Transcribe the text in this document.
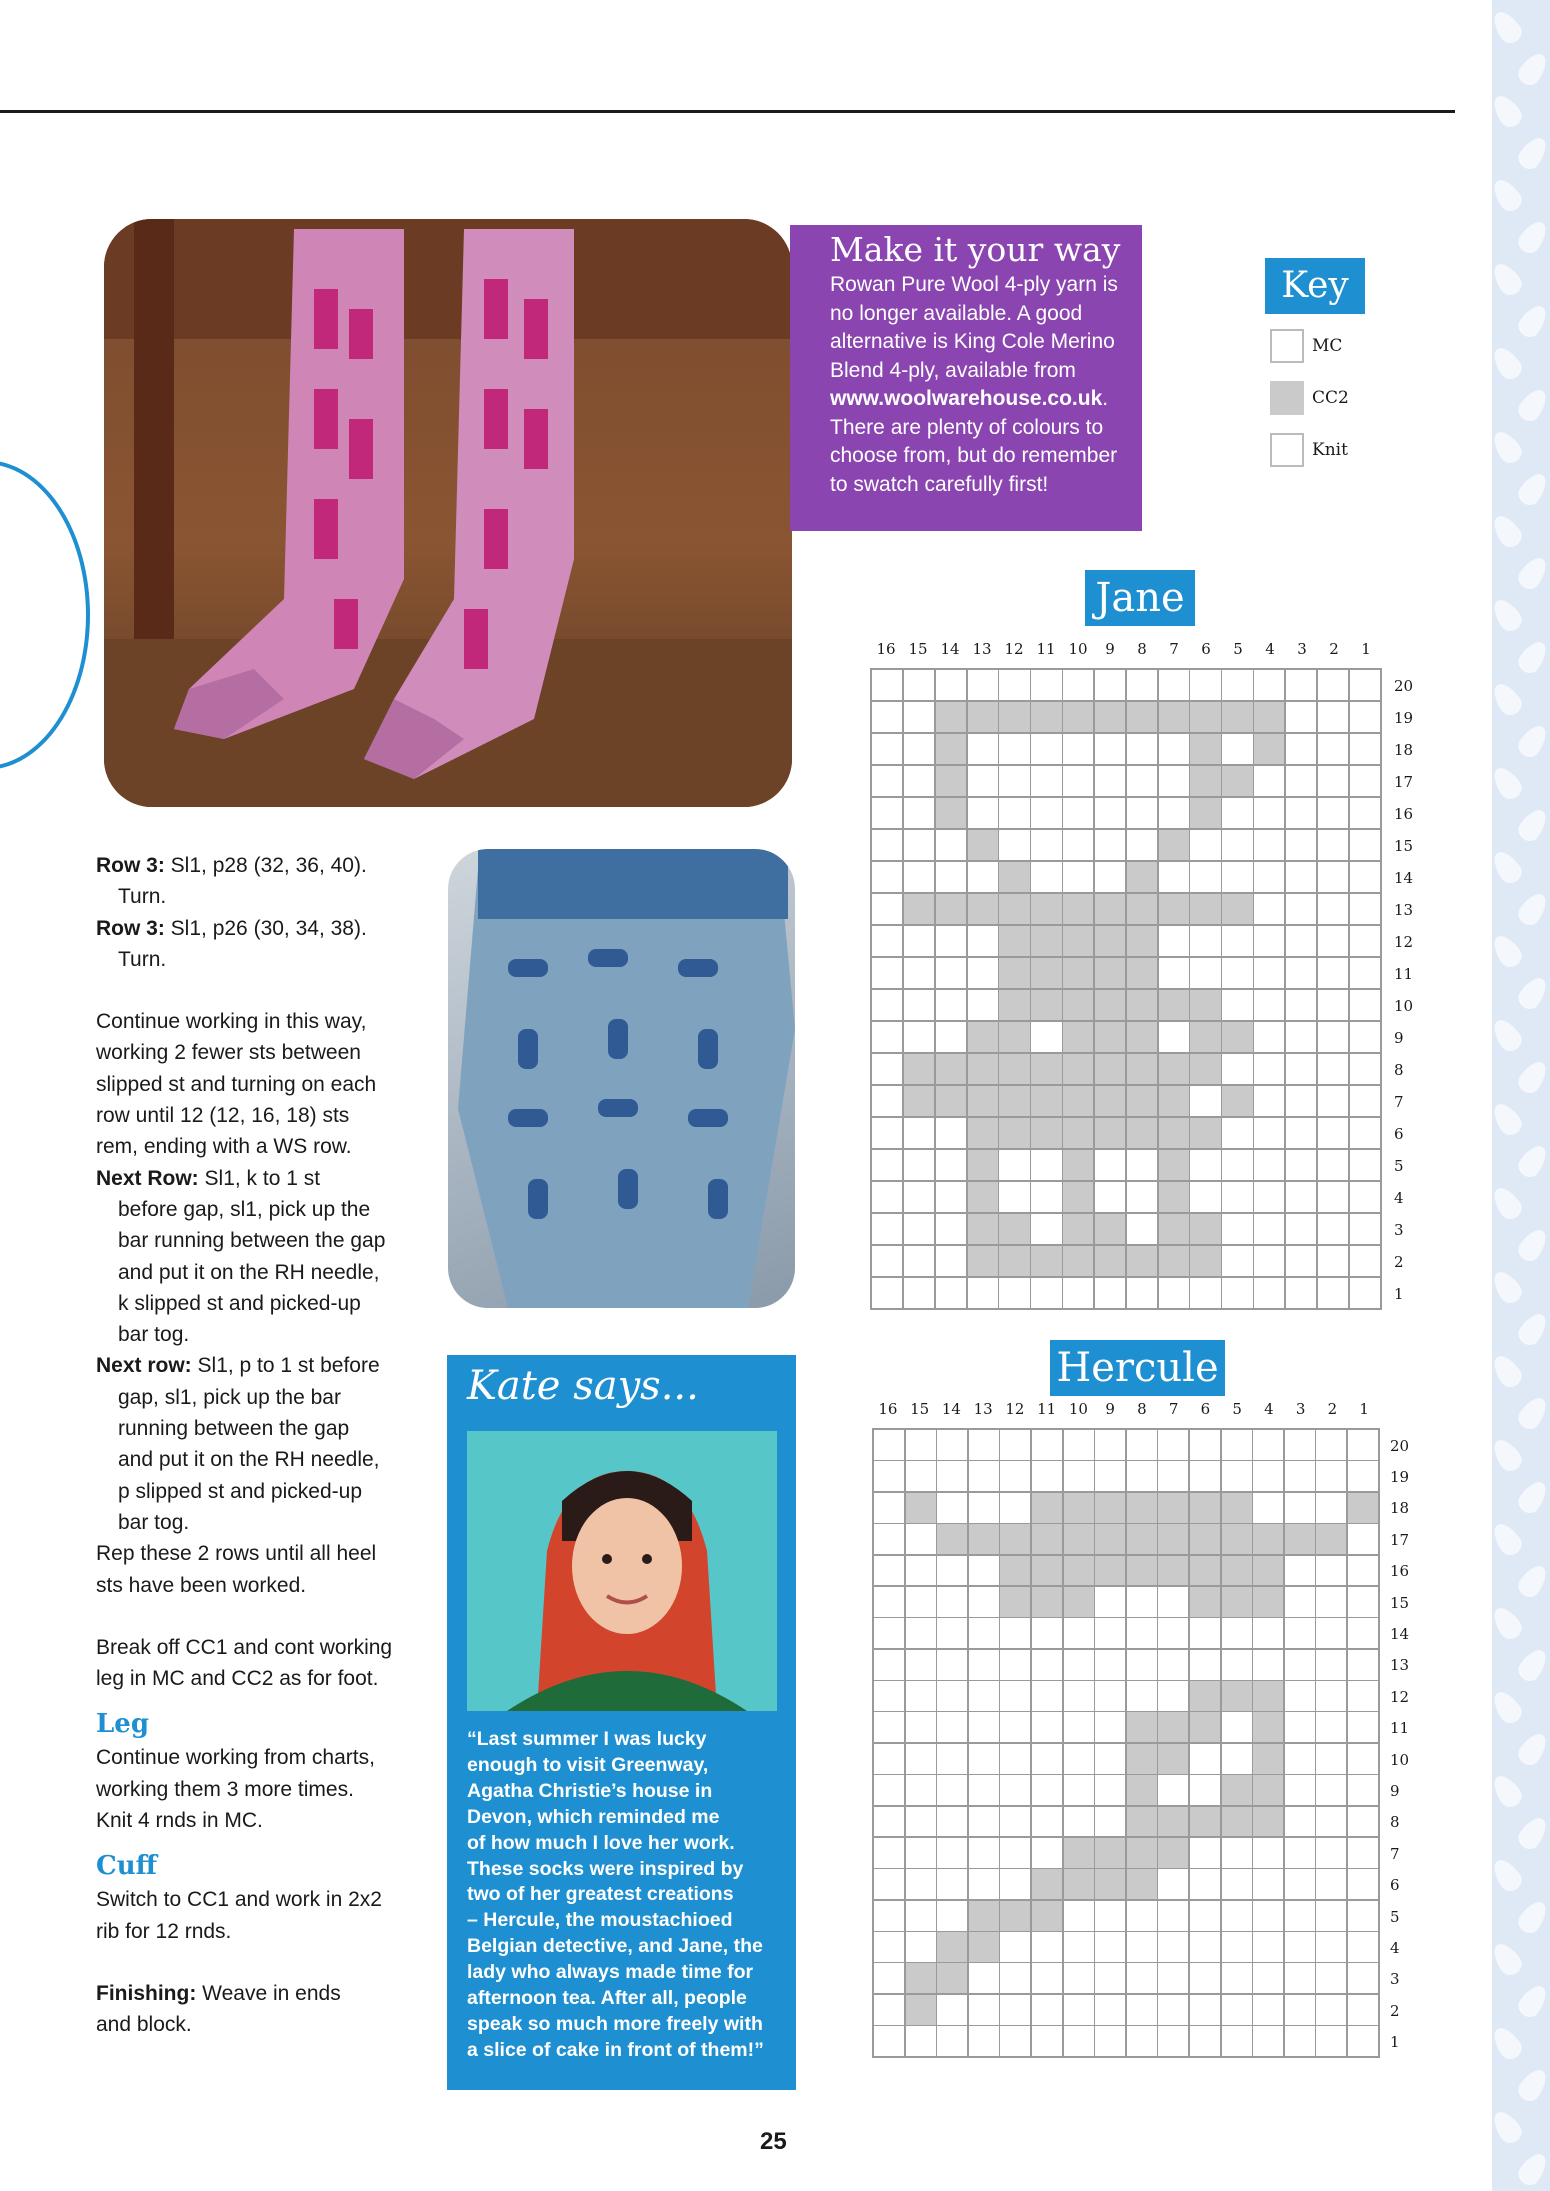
Make it your way
Rowan Pure Wool 4-ply yarn is no longer available. A good alternative is King Cole Merino Blend 4-ply, available from www.woolwarehouse.co.uk. There are plenty of colours to choose from, but do remember to swatch carefully first!
Key
MC
CC2
Knit
Jane
16 15 14 13 12 11 10	9	8	7	6	5	4	3	2	1
20
19
18
17
16
15
14
13
12
11
10
9
8
7
6
5
4
3
2
1
Hercule
16 15 14 13 12 11 10	9	8	7	6	5	4	3	2	1
20
19
18
17
16
15
14
13
12
11
10
9
8
7
6
5
4
3
2
1
Row 3: Sl1, p28 (32, 36, 40).
Turn.
Row 3: Sl1, p26 (30, 34, 38).
Turn.
Continue working in this way,
working 2 fewer sts between
slipped st and turning on each
row until 12 (12, 16, 18) sts
rem, ending with a WS row.
Next Row: Sl1, k to 1 st
before gap, sl1, pick up the
bar running between the gap
and put it on the RH needle,
k slipped st and picked-up
bar tog.
Next row: Sl1, p to 1 st before
gap, sl1, pick up the bar
running between the gap
and put it on the RH needle,
p slipped st and picked-up
bar tog.
Rep these 2 rows until all heel
sts have been worked.
Break off CC1 and cont working
leg in MC and CC2 as for foot.
Leg
Continue working from charts,
working them 3 more times.
Knit 4 rnds in MC.
Cuff
Switch to CC1 and work in 2x2
rib for 12 rnds.
Finishing: Weave in ends
and block.
Kate says...
“Last summer I was lucky
enough to visit Greenway,
Agatha Christie’s house in
Devon, which reminded me
of how much I love her work.
These socks were inspired by
two of her greatest creations
– Hercule, the moustachioed
Belgian detective, and Jane, the
lady who always made time for
afternoon tea. After all, people
speak so much more freely with
a slice of cake in front of them!”
25
